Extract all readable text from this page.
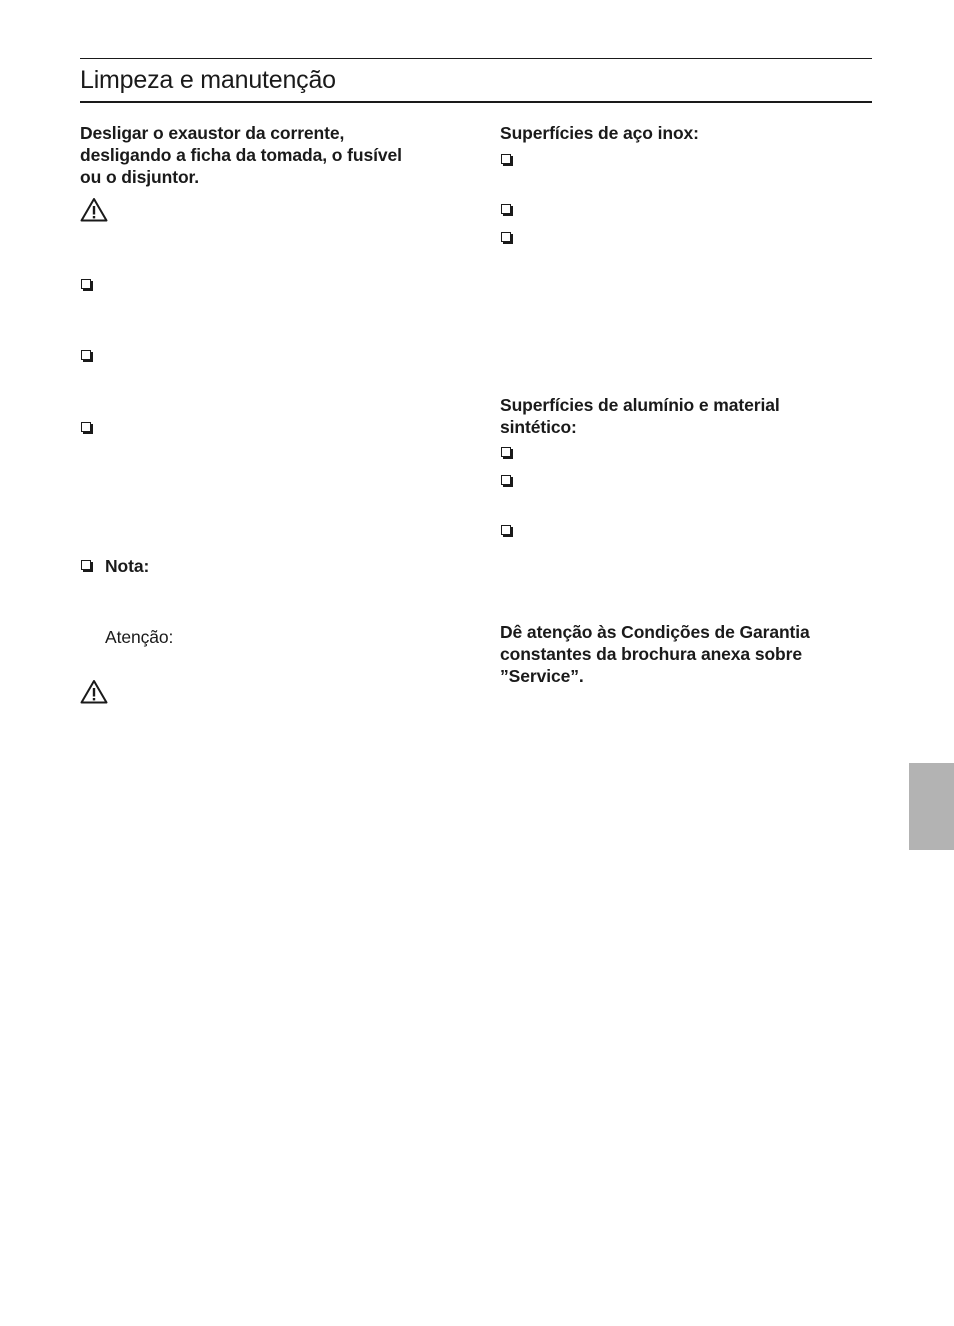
Limpeza e manutenção

Desligar o exaustor da corrente,
desligando a ficha da tomada, o fusível
ou o disjuntor.

Nota:

Atenção:

Superfícies de aço inox:

Superfícies de alumínio e material
sintético:

Dê atenção às Condições de Garantia
constantes da brochura anexa sobre
”Service”.
